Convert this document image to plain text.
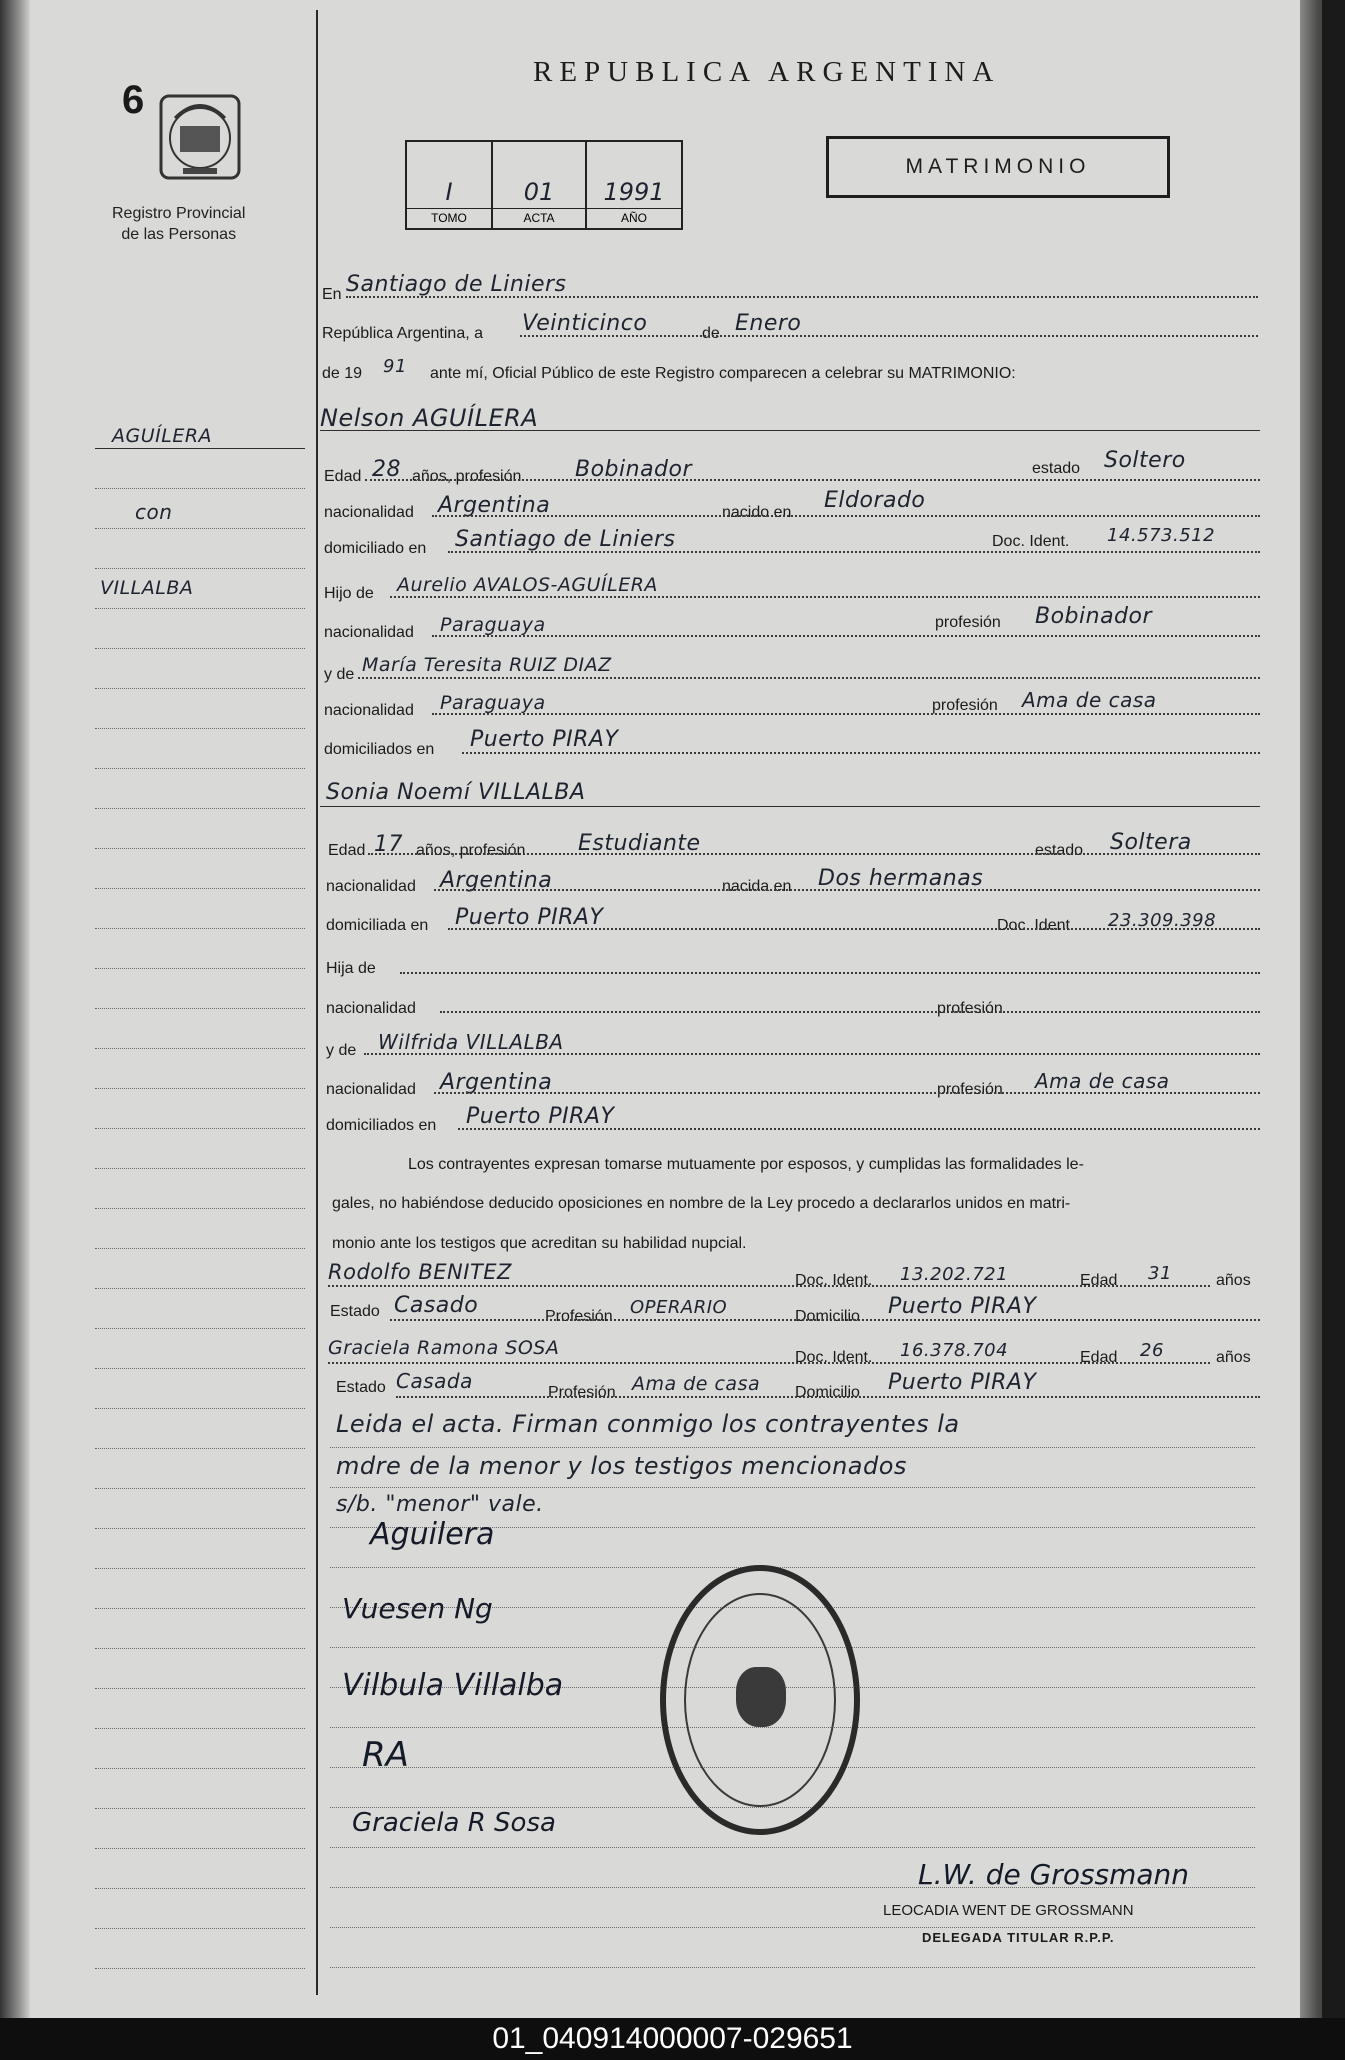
6
Registro Provincial
de las Personas
REPUBLICA ARGENTINA
MATRIMONIO
I
TOMO
01
ACTA
1991
AÑO
AGUÍLERA
con
VILLALBA
En Santiago de Liniers
República Argentina, a Veinticinco	de Enero
de 19 91 ante mí, Oficial Público de este Registro comparecen a celebrar su MATRIMONIO:
Nelson AGUÍLERA
Edad 28 años, profesión Bobinador	estado Soltero
nacionalidad Argentina	nacido en Eldorado
domiciliado en Santiago de Liniers	Doc. Ident. 14.573.512
Hijo de Aurelio AVALOS-AGUÍLERA
nacionalidad Paraguaya	profesión Bobinador
y de María Teresita RUIZ DIAZ
nacionalidad Paraguaya	profesión Ama de casa
domiciliados en Puerto PIRAY
Sonia Noemí VILLALBA
Edad 17 años, profesión Estudiante	estado Soltera
nacionalidad Argentina	nacida en Dos hermanas
domiciliada en Puerto PIRAY	Doc. Ident. 23.309.398
Hija de
nacionalidad	profesión
y de Wilfrida VILLALBA
nacionalidad Argentina	profesión Ama de casa
domiciliados en Puerto PIRAY
Los contrayentes expresan tomarse mutuamente por esposos, y cumplidas las formalidades le-
gales, no habiéndose deducido oposiciones en nombre de la Ley procedo a declararlos unidos en matri-
monio ante los testigos que acreditan su habilidad nupcial.
Rodolfo BENITEZ	Doc. Ident. 13.202.721	Edad 31	años
Estado Casado	Profesión OPERARIO	Domicilio Puerto PIRAY
Graciela Ramona SOSA	Doc. Ident. 16.378.704	Edad 26	años
Estado Casada	Profesión Ama de casa Domicilio Puerto PIRAY
Leida el acta. Firman conmigo los contrayentes la
mdre de la menor y los testigos mencionados
s/b. "menor" vale.
Aguilera
Vuesen Ng
Vilbula Villalba
RA
Graciela R Sosa
L.W. de Grossmann
LEOCADIA WENT DE GROSSMANN
DELEGADA TITULAR R.P.P.
01_040914000007-029651
